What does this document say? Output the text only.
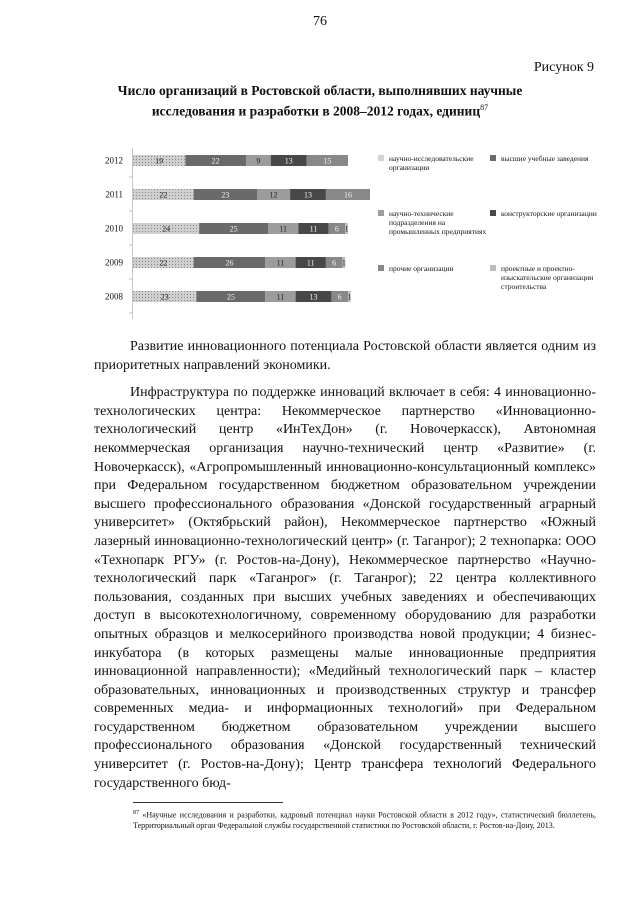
76
Рисунок 9
Число организаций в Ростовской области, выполнявших научные
исследования и разработки в 2008–2012 годах, единиц$^{87}$
2012	19	22	9	13	15
2011	22	23	12	13	16
2010	24	25	11	11 6 1
2009	22	26	11	11 6 1
2008	23	25	11	13	6 1
научно-исследовательские организации
высшие учебные заведения
научно-технические подразделения на промышленных предприятиях
конструкторские организации
прочие организации	проектные и проектно-изыскательские организации строительства

Развитие инновационного потенциала Ростовской области является одним из приоритетных направлений экономики.

Инфраструктура по поддержке инноваций включает в себя: 4 инновационно-технологических центра: Некоммерческое партнерство «Инновационно-технологический центр «ИнТехДон» (г. Новочеркасск), Автономная некоммерческая организация научно-технический центр «Развитие» (г. Новочеркасск), «Агропромышленный инновационно-консультационный комплекс» при Федеральном государственном бюджетном образовательном учреждении высшего профессионального образования «Донской государственный аграрный университет» (Октябрьский район), Некоммерческое партнерство «Южный лазерный инновационно-технологический центр» (г. Таганрог); 2 технопарка: ООО «Технопарк РГУ» (г. Ростов-на-Дону), Некоммерческое партнерство «Научно-технологический парк «Таганрог» (г. Таганрог); 22 центра коллективного пользования, созданных при высших учебных заведениях и обеспечивающих доступ в высокотехнологичному, современному оборудованию для разработки опытных образцов и мелкосерийного производства новой продукции; 4 бизнес-инкубатора (в которых размещены малые инновационные предприятия инновационной направленности); «Медийный технологический парк – кластер образовательных, инновационных и производственных структур и трансфер современных медиа- и информационных технологий» при Федеральном государственном бюджетном образовательном учреждении высшего профессионального образования «Донской государственный технический университет (г. Ростов-на-Дону); Центр трансфера технологий Федерального государственного бюд-

$^{87}$ «Научные исследования и разработки, кадровый потенциал науки Ростовской области в 2012 году», статистический бюллетень, Территориальный орган Федеральной службы государственной статистики по Ростовской области, г. Ростов-на-Дону, 2013.
